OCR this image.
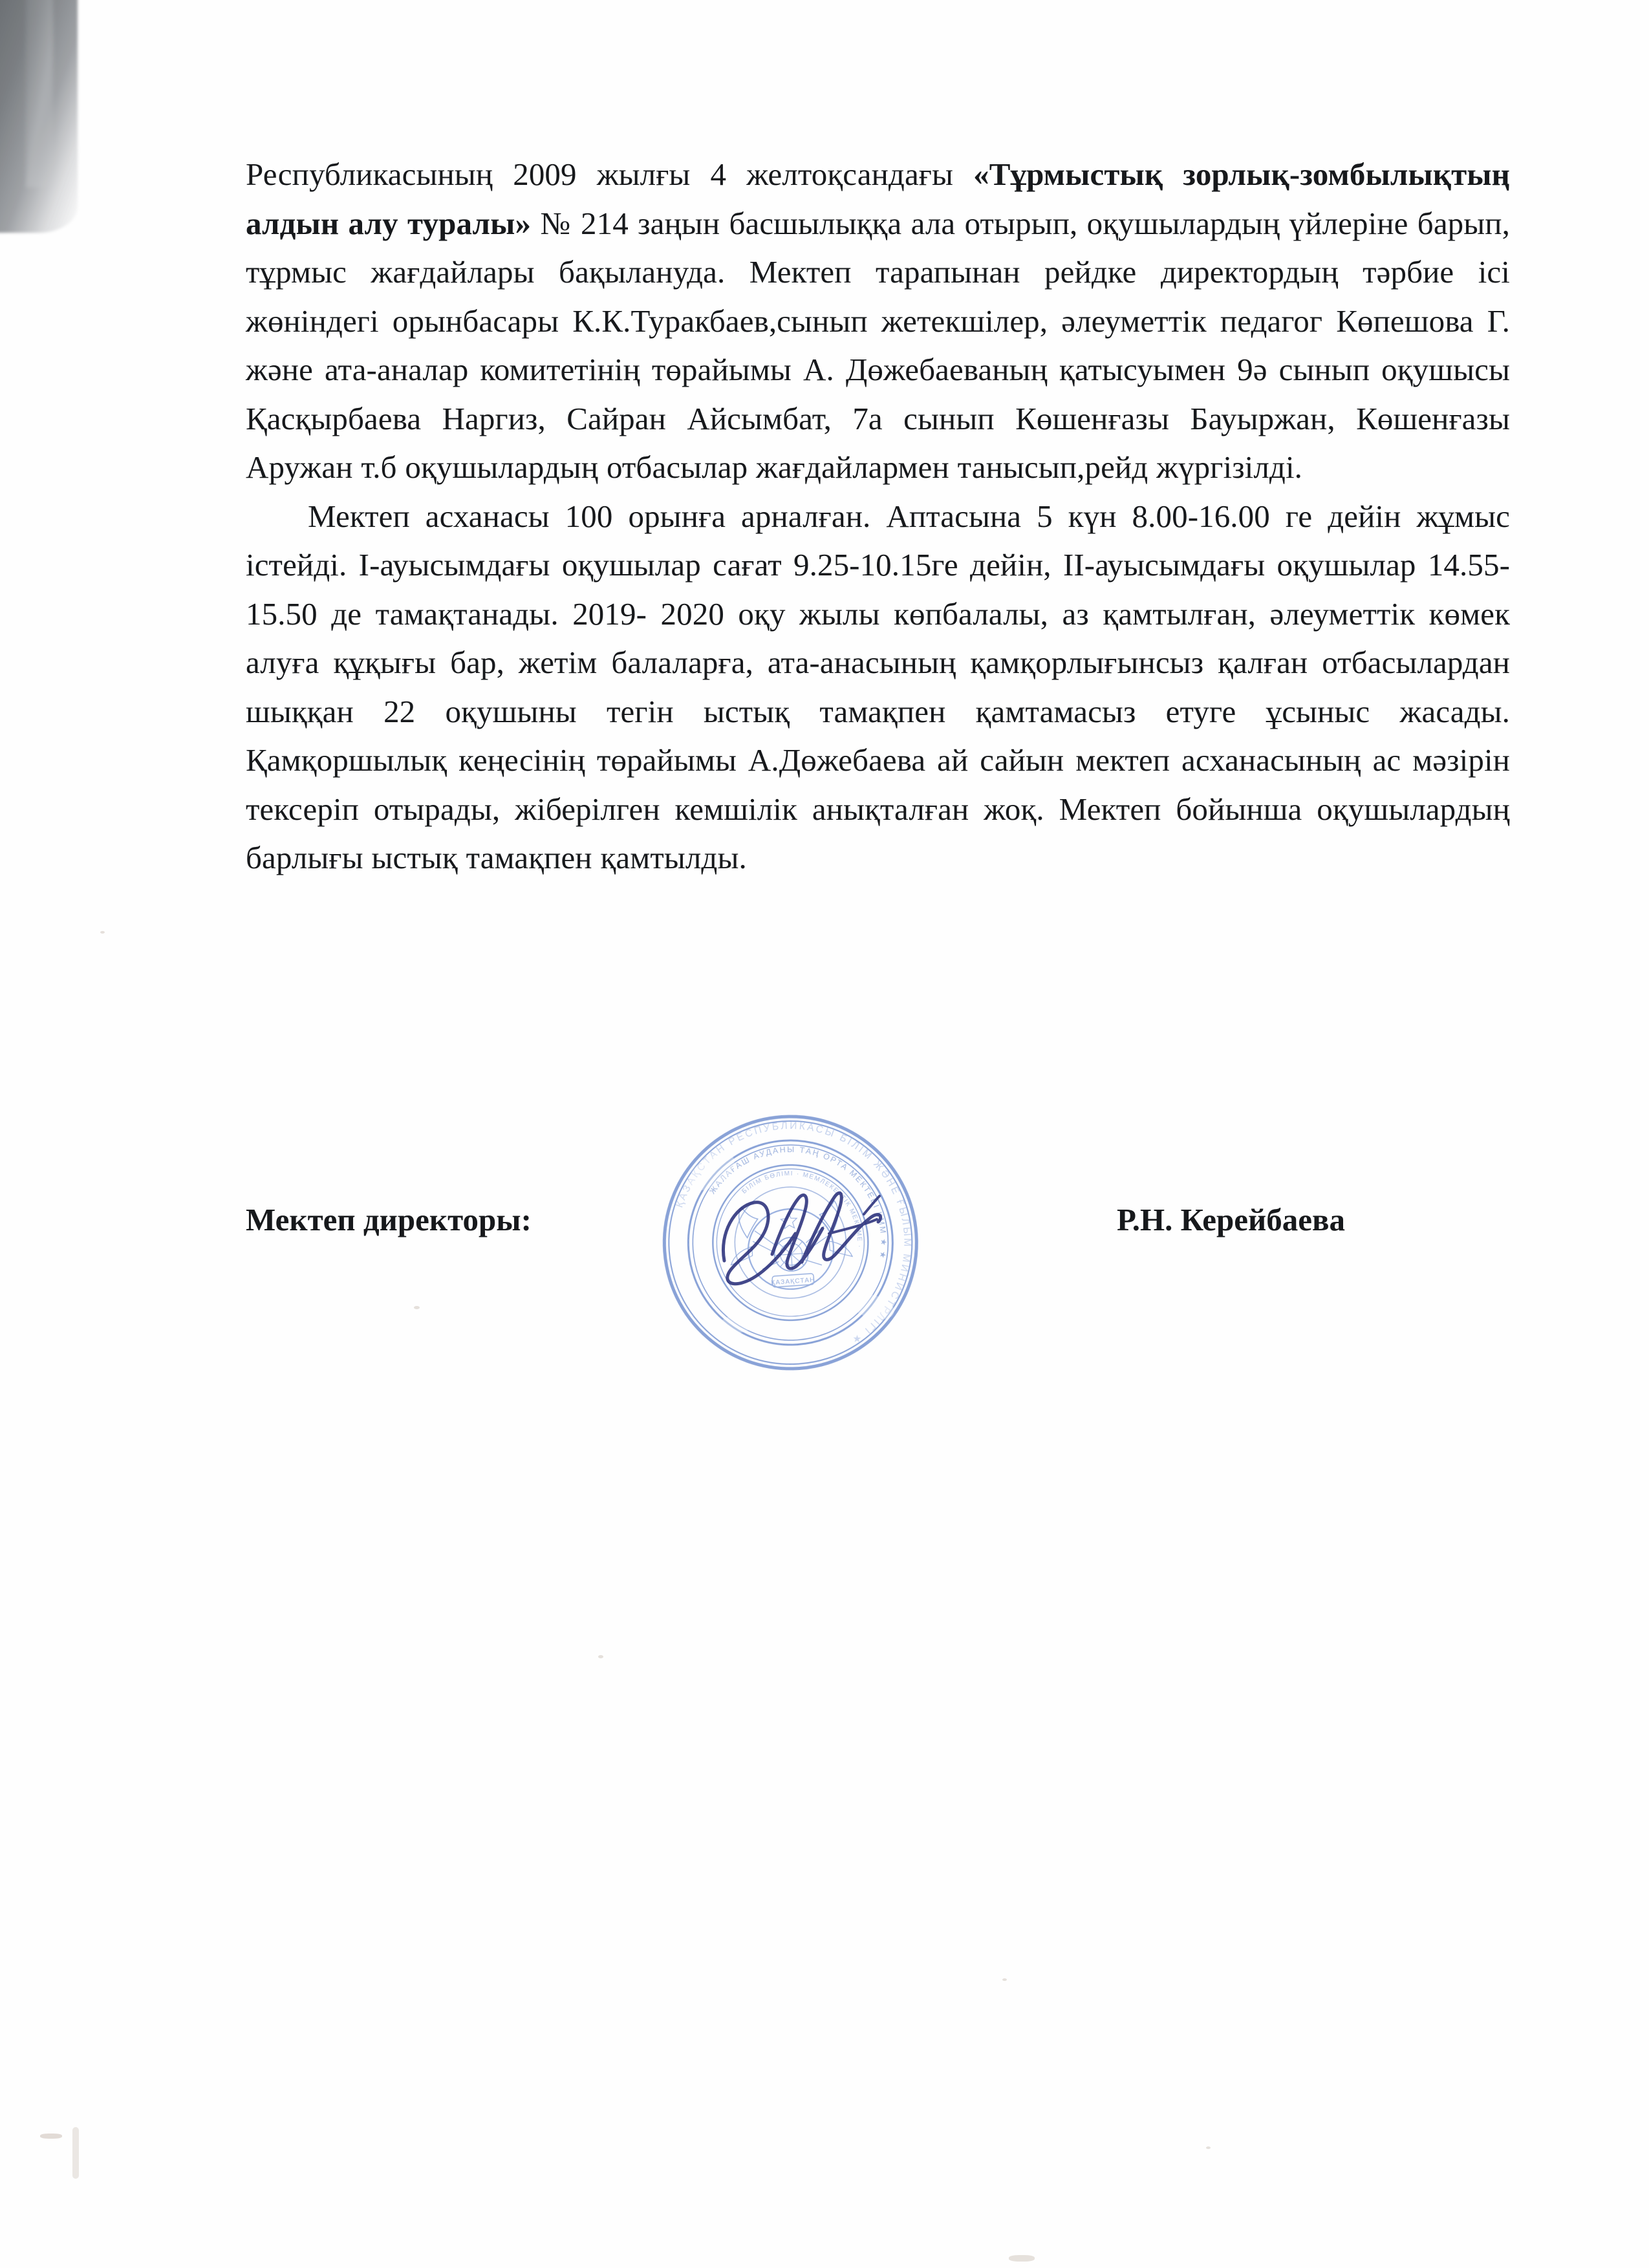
Республикасының 2009 жылғы 4 желтоқсандағы «Тұрмыстық зорлық-зомбылықтың алдын алу туралы» № 214 заңын басшылыққа ала отырып, оқушылардың үйлеріне барып, тұрмыс жағдайлары бақылануда. Мектеп тарапынан рейдке директордың тәрбие ісі жөніндегі орынбасары К.К.Туракбаев,сынып жетекшілер, әлеуметтік педагог Көпешова Г. және ата-аналар комитетінің төрайымы А. Дөжебаеваның қатысуымен 9ә сынып оқушысы Қасқырбаева Наргиз, Сайран Айсымбат, 7а сынып Көшенғазы Бауыржан, Көшенғазы Аружан т.б оқушылардың отбасылар жағдайлармен танысып,рейд жүргізілді.

Мектеп асханасы 100 орынға арналған. Аптасына 5 күн 8.00-16.00 ге дейін жұмыс істейді. І-ауысымдағы оқушылар сағат 9.25-10.15ге дейін, ІІ-ауысымдағы оқушылар 14.55-15.50 де тамақтанады. 2019- 2020 оқу жылы көпбалалы, аз қамтылған, әлеуметтік көмек алуға құқығы бар, жетім балаларға, ата-анасының қамқорлығынсыз қалған отбасылардан шыққан 22 оқушыны тегін ыстық тамақпен қамтамасыз етуге ұсыныс жасады. Қамқоршылық кеңесінің төрайымы А.Дөжебаева ай сайын мектеп асханасының ас мәзірін тексеріп отырады, жіберілген кемшілік анықталған жоқ. Мектеп бойынша оқушылардың барлығы ыстық тамақпен қамтылды.

Мектеп директоры:	Р.Н. Керейбаева
ҚАЗАҚСТАН РЕСПУБЛИКАСЫ БІЛІМ ЖӘНЕ ҒЫЛЫМ МИНИСТРЛІГІ ★
ЖАЛАҒАШ АУДАНЫ ТАҢ ОРТА МЕКТЕБІ КММ ★ ★
БІЛІМ БӨЛІМІ · МЕМЛЕКЕТТІК МЕКЕМЕ ·
ҚАЗАҚСТАН
